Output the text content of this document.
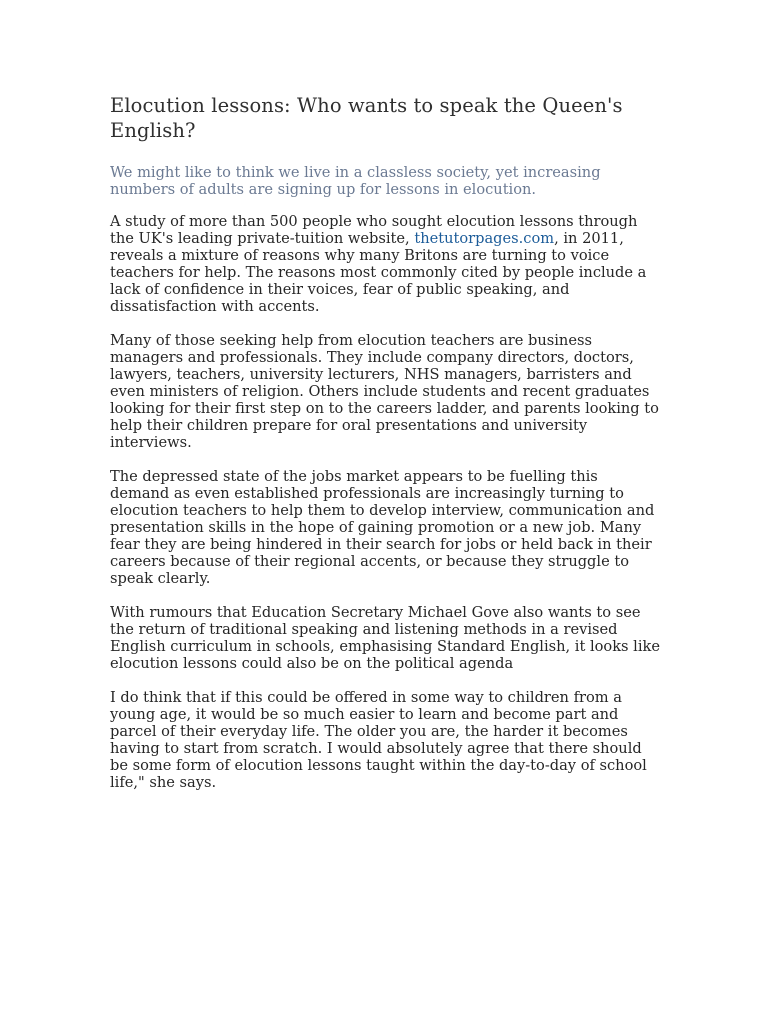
Elocution lessons: Who wants to speak the Queen's English?

We might like to think we live in a classless society, yet increasing numbers of adults are signing up for lessons in elocution.

A study of more than 500 people who sought elocution lessons through the UK's leading private-tuition website, thetutorpages.com, in 2011, reveals a mixture of reasons why many Britons are turning to voice teachers for help. The reasons most commonly cited by people include a lack of confidence in their voices, fear of public speaking, and dissatisfaction with accents.

Many of those seeking help from elocution teachers are business managers and professionals. They include company directors, doctors, lawyers, teachers, university lecturers, NHS managers, barristers and even ministers of religion. Others include students and recent graduates looking for their first step on to the careers ladder, and parents looking to help their children prepare for oral presentations and university interviews.

The depressed state of the jobs market appears to be fuelling this demand as even established professionals are increasingly turning to elocution teachers to help them to develop interview, communication and presentation skills in the hope of gaining promotion or a new job. Many fear they are being hindered in their search for jobs or held back in their careers because of their regional accents, or because they struggle to speak clearly.

With rumours that Education Secretary Michael Gove also wants to see the return of traditional speaking and listening methods in a revised English curriculum in schools, emphasising Standard English, it looks like elocution lessons could also be on the political agenda

I do think that if this could be offered in some way to children from a young age, it would be so much easier to learn and become part and parcel of their everyday life. The older you are, the harder it becomes having to start from scratch. I would absolutely agree that there should be some form of elocution lessons taught within the day-to-day of school life," she says.
